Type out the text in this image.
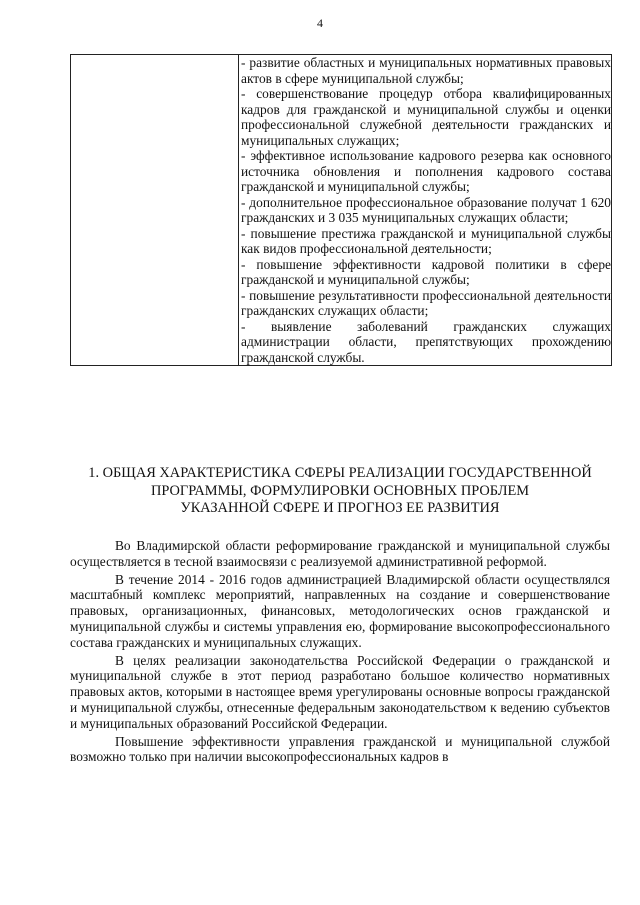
4

- развитие областных и муниципальных нормативных правовых актов в сфере муниципальной службы;

- совершенствование процедур отбора квалифицированных кадров для гражданской и муниципальной службы и оценки профессиональной служебной деятельности гражданских и муниципальных служащих;

- эффективное использование кадрового резерва как основного источника обновления и пополнения кадрового состава гражданской и муниципальной службы;

- дополнительное профессиональное образование получат 1 620 гражданских и 3 035 муниципальных служащих области;

- повышение престижа гражданской и муниципальной службы как видов профессиональной деятельности;

- повышение эффективности кадровой политики в сфере гражданской и муниципальной службы;

- повышение результативности профессиональной деятельности гражданских служащих области;

- выявление заболеваний гражданских служащих администрации области, препятствующих прохождению гражданской службы.

1. ОБЩАЯ ХАРАКТЕРИСТИКА СФЕРЫ РЕАЛИЗАЦИИ ГОСУДАРСТВЕННОЙ
ПРОГРАММЫ, ФОРМУЛИРОВКИ ОСНОВНЫХ ПРОБЛЕМ
УКАЗАННОЙ СФЕРЕ И ПРОГНОЗ ЕЕ РАЗВИТИЯ

Во Владимирской области реформирование гражданской и муниципальной службы осуществляется в тесной взаимосвязи с реализуемой административной реформой.

В течение 2014 - 2016 годов администрацией Владимирской области осуществлялся масштабный комплекс мероприятий, направленных на создание и совершенствование правовых, организационных, финансовых, методологических основ гражданской и муниципальной службы и системы управления ею, формирование высокопрофессионального состава гражданских и муниципальных служащих.

В целях реализации законодательства Российской Федерации о гражданской и муниципальной службе в этот период разработано большое количество нормативных правовых актов, которыми в настоящее время урегулированы основные вопросы гражданской и муниципальной службы, отнесенные федеральным законодательством к ведению субъектов и муниципальных образований Российской Федерации.

Повышение эффективности управления гражданской и муниципальной службой возможно только при наличии высокопрофессиональных кадров в
